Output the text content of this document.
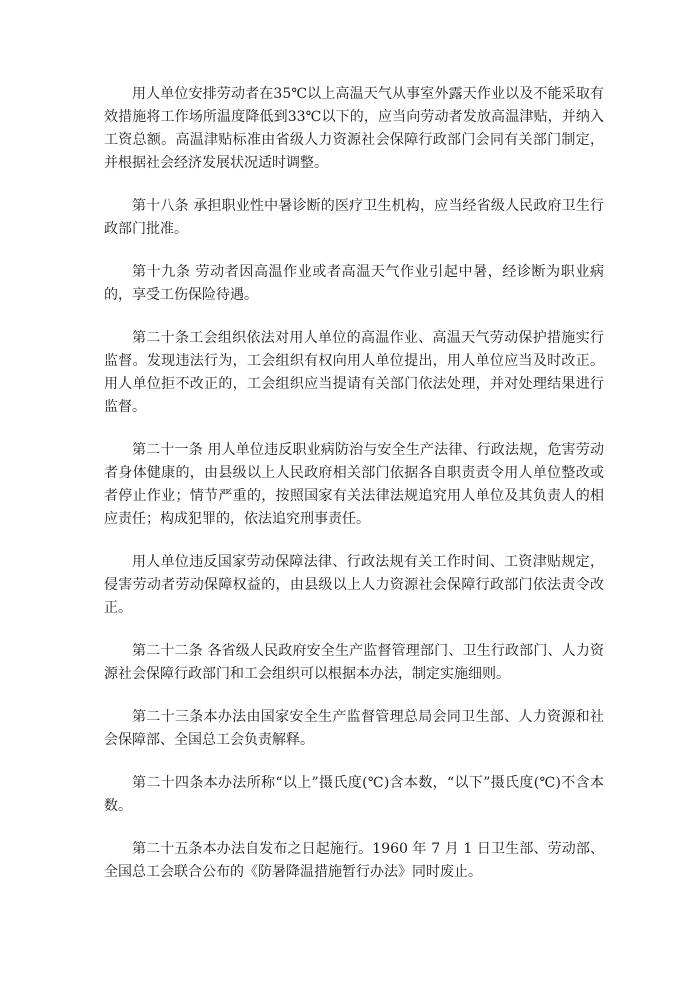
用人单位安排劳动者在35℃以上高温天气从事室外露天作业以及不能采取有效措施将工作场所温度降低到33℃以下的，应当向劳动者发放高温津贴，并纳入工资总额。高温津贴标准由省级人力资源社会保障行政部门会同有关部门制定，并根据社会经济发展状况适时调整。

第十八条 承担职业性中暑诊断的医疗卫生机构，应当经省级人民政府卫生行政部门批准。

第十九条 劳动者因高温作业或者高温天气作业引起中暑，经诊断为职业病的，享受工伤保险待遇。

第二十条工会组织依法对用人单位的高温作业、高温天气劳动保护措施实行监督。发现违法行为，工会组织有权向用人单位提出，用人单位应当及时改正。用人单位拒不改正的，工会组织应当提请有关部门依法处理，并对处理结果进行监督。

第二十一条 用人单位违反职业病防治与安全生产法律、行政法规，危害劳动者身体健康的，由县级以上人民政府相关部门依据各自职责责令用人单位整改或者停止作业；情节严重的，按照国家有关法律法规追究用人单位及其负责人的相应责任；构成犯罪的，依法追究刑事责任。

用人单位违反国家劳动保障法律、行政法规有关工作时间、工资津贴规定，侵害劳动者劳动保障权益的，由县级以上人力资源社会保障行政部门依法责令改正。

第二十二条 各省级人民政府安全生产监督管理部门、卫生行政部门、人力资源社会保障行政部门和工会组织可以根据本办法，制定实施细则。

第二十三条本办法由国家安全生产监督管理总局会同卫生部、人力资源和社会保障部、全国总工会负责解释。

第二十四条本办法所称“以上”摄氏度(℃)含本数，“以下”摄氏度(℃)不含本数。

第二十五条本办法自发布之日起施行。1960 年 7 月 1 日卫生部、劳动部、全国总工会联合公布的《防暑降温措施暂行办法》同时废止。
